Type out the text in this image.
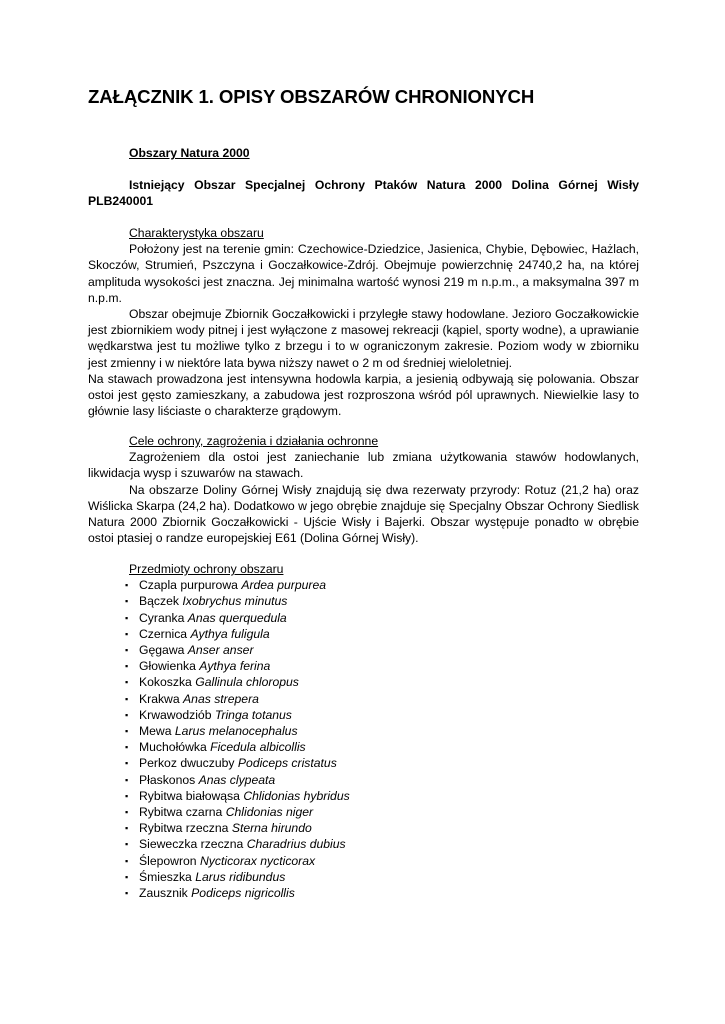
ZAŁĄCZNIK 1. OPISY OBSZARÓW CHRONIONYCH
Obszary Natura 2000
Istniejący Obszar Specjalnej Ochrony Ptaków Natura 2000 Dolina Górnej Wisły PLB240001
Charakterystyka obszaru

Położony jest na terenie gmin: Czechowice-Dziedzice, Jasienica, Chybie, Dębowiec, Hażlach, Skoczów, Strumień, Pszczyna i Goczałkowice-Zdrój. Obejmuje powierzchnię 24740,2 ha, na której amplituda wysokości jest znaczna. Jej minimalna wartość wynosi 219 m n.p.m., a maksymalna 397 m n.p.m.

Obszar obejmuje Zbiornik Goczałkowicki i przyległe stawy hodowlane. Jezioro Goczałkowickie jest zbiornikiem wody pitnej i jest wyłączone z masowej rekreacji (kąpiel, sporty wodne), a uprawianie wędkarstwa jest tu możliwe tylko z brzegu i to w ograniczonym zakresie. Poziom wody w zbiorniku jest zmienny i w niektóre lata bywa niższy nawet o 2 m od średniej wieloletniej.

Na stawach prowadzona jest intensywna hodowla karpia, a jesienią odbywają się polowania. Obszar ostoi jest gęsto zamieszkany, a zabudowa jest rozproszona wśród pól uprawnych. Niewielkie lasy to głównie lasy liściaste o charakterze grądowym.

Cele ochrony, zagrożenia i działania ochronne

Zagrożeniem dla ostoi jest zaniechanie lub zmiana użytkowania stawów hodowlanych, likwidacja wysp i szuwarów na stawach.

Na obszarze Doliny Górnej Wisły znajdują się dwa rezerwaty przyrody: Rotuz (21,2 ha) oraz Wiślicka Skarpa (24,2 ha). Dodatkowo w jego obrębie znajduje się Specjalny Obszar Ochrony Siedlisk Natura 2000 Zbiornik Goczałkowicki - Ujście Wisły i Bajerki. Obszar występuje ponadto w obrębie ostoi ptasiej o randze europejskiej E61 (Dolina Górnej Wisły).

Przedmioty ochrony obszaru
▪ Czapla purpurowa Ardea purpurea
▪ Bączek Ixobrychus minutus
▪ Cyranka Anas querquedula
▪ Czernica Aythya fuligula
▪ Gęgawa Anser anser
▪ Głowienka Aythya ferina
▪ Kokoszka Gallinula chloropus
▪ Krakwa Anas strepera
▪ Krwawodziób Tringa totanus
▪ Mewa Larus melanocephalus
▪ Muchołówka Ficedula albicollis
▪ Perkoz dwuczuby Podiceps cristatus
▪ Płaskonos Anas clypeata
▪ Rybitwa białowąsa Chlidonias hybridus
▪ Rybitwa czarna Chlidonias niger
▪ Rybitwa rzeczna Sterna hirundo
▪ Sieweczka rzeczna Charadrius dubius
▪ Ślepowron Nycticorax nycticorax
▪ Śmieszka Larus ridibundus
▪ Zausznik Podiceps nigricollis
